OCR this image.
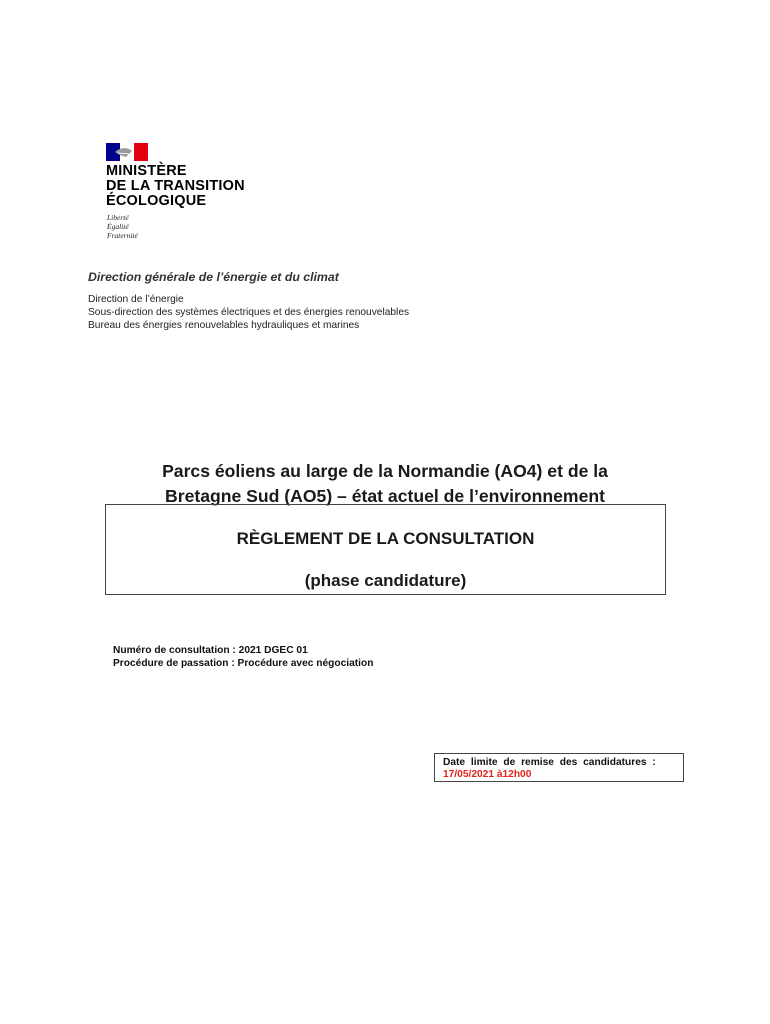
MINISTÈRE
DE LA TRANSITION
ÉCOLOGIQUE
Liberté
Égalité
Fraternité
Direction générale de l’énergie et du climat
Direction de l’énergie
Sous-direction des systèmes électriques et des énergies renouvelables
Bureau des énergies renouvelables hydrauliques et marines
Parcs éoliens au large de la Normandie (AO4) et de la
Bretagne Sud (AO5) – état actuel de l’environnement
RÈGLEMENT DE LA CONSULTATION
(phase candidature)
Numéro de consultation : 2021 DGEC 01
Procédure de passation : Procédure avec négociation
Date limite de remise des candidatures :
17/05/2021 à12h00
